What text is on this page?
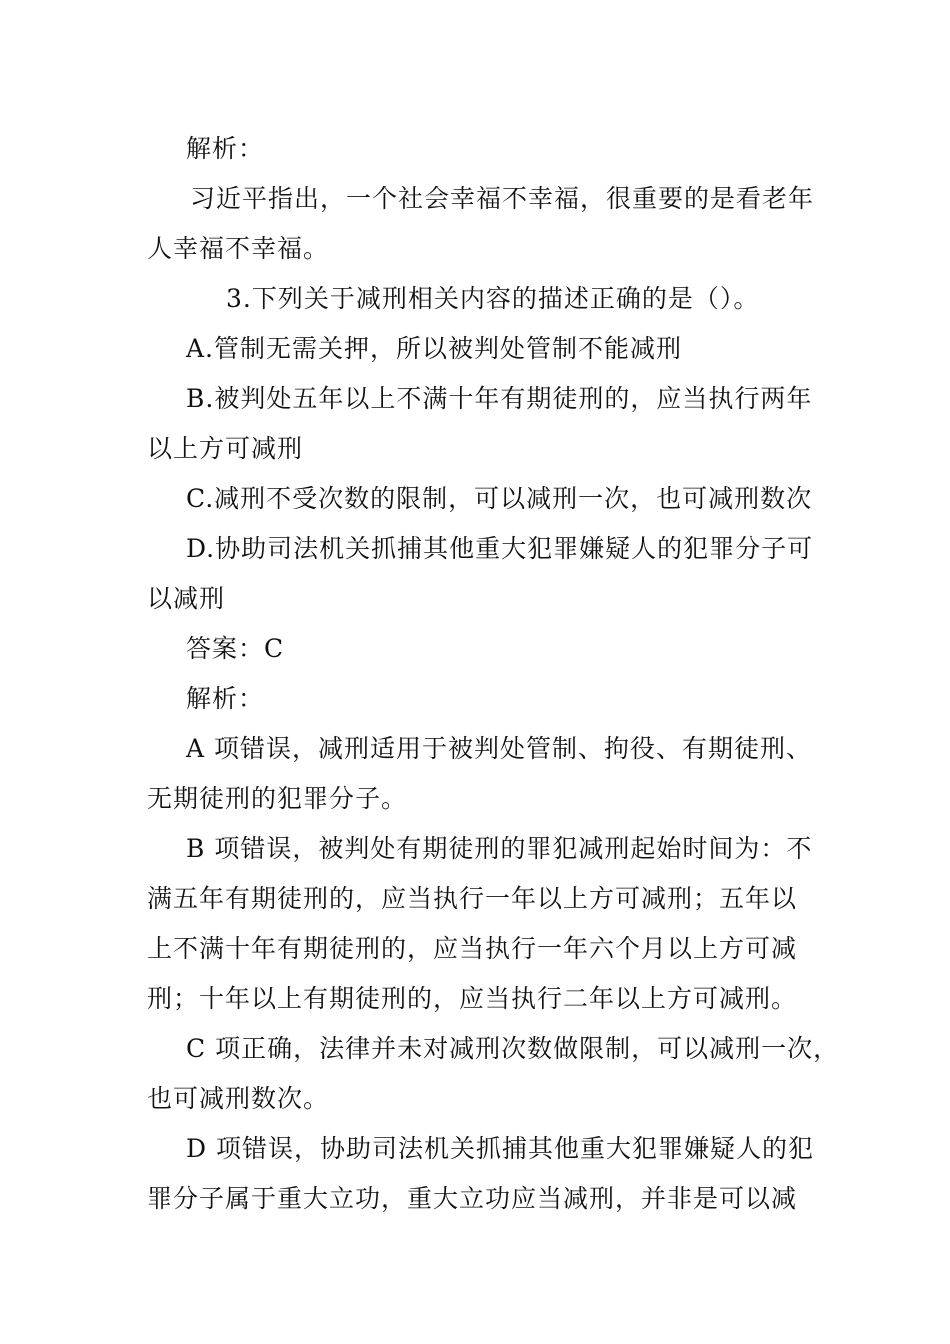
解析：
习近平指出，一个社会幸福不幸福，很重要的是看老年
人幸福不幸福。
3.下列关于减刑相关内容的描述正确的是（）。
A.管制无需关押，所以被判处管制不能减刑
B.被判处五年以上不满十年有期徒刑的，应当执行两年
以上方可减刑
C.减刑不受次数的限制，可以减刑一次，也可减刑数次
D.协助司法机关抓捕其他重大犯罪嫌疑人的犯罪分子可
以减刑
答案：C
解析：
A 项错误，减刑适用于被判处管制、拘役、有期徒刑、
无期徒刑的犯罪分子。
B 项错误，被判处有期徒刑的罪犯减刑起始时间为：不
满五年有期徒刑的，应当执行一年以上方可减刑；五年以
上不满十年有期徒刑的，应当执行一年六个月以上方可减
刑；十年以上有期徒刑的，应当执行二年以上方可减刑。
C 项正确，法律并未对减刑次数做限制，可以减刑一次，
也可减刑数次。
D 项错误，协助司法机关抓捕其他重大犯罪嫌疑人的犯
罪分子属于重大立功，重大立功应当减刑，并非是可以减
